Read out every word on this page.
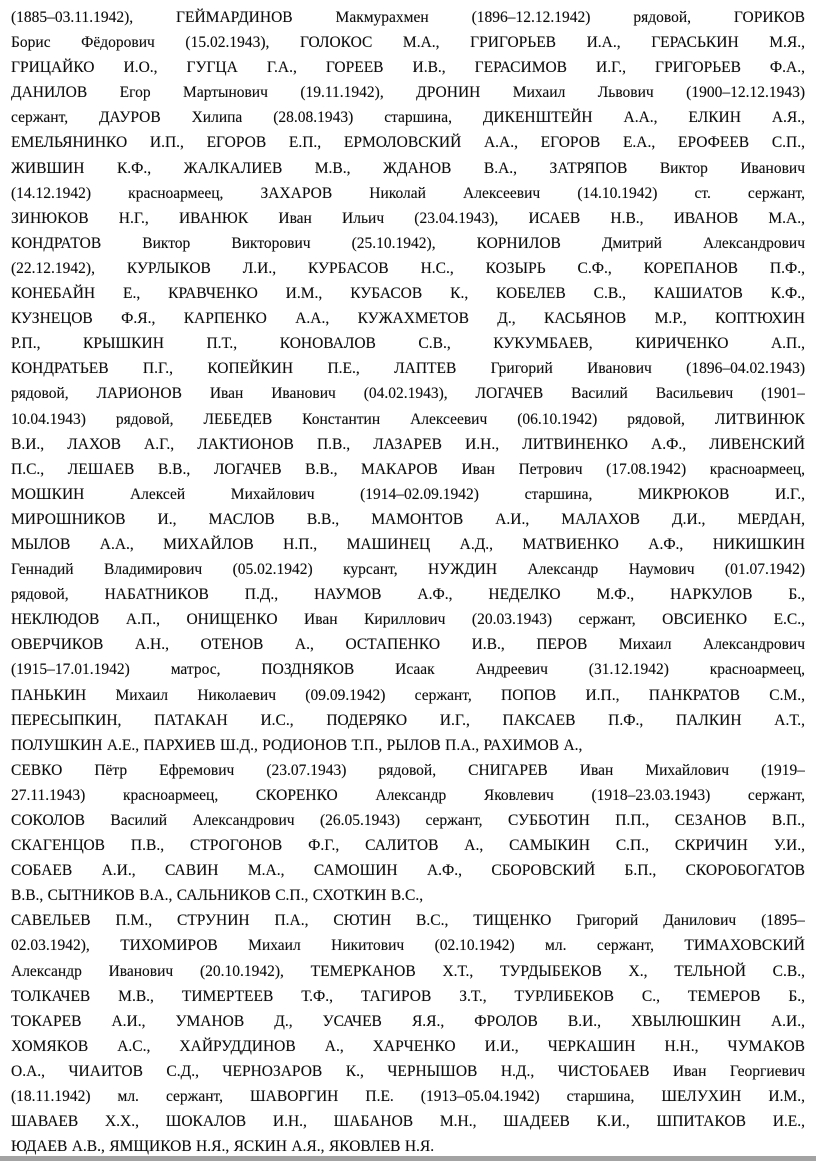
(1885–03.11.1942), ГЕЙМАРДИНОВ Макмурахмен (1896–12.12.1942) рядовой, ГОРИКОВ
Борис Фёдорович (15.02.1943), ГОЛОКОС М.А., ГРИГОРЬЕВ И.А., ГЕРАСЬКИН М.Я.,
ГРИЦАЙКО И.О., ГУГЦА Г.А., ГОРЕЕВ И.В., ГЕРАСИМОВ И.Г., ГРИГОРЬЕВ Ф.А.,
ДАНИЛОВ Егор Мартынович (19.11.1942), ДРОНИН Михаил Львович (1900–12.12.1943)
сержант, ДАУРОВ Хилипа (28.08.1943) старшина, ДИКЕНШТЕЙН А.А., ЕЛКИН А.Я.,
ЕМЕЛЬЯНИНКО И.П., ЕГОРОВ Е.П., ЕРМОЛОВСКИЙ А.А., ЕГОРОВ Е.А., ЕРОФЕЕВ С.П.,
ЖИВШИН К.Ф., ЖАЛКАЛИЕВ М.В., ЖДАНОВ В.А., ЗАТРЯПОВ Виктор Иванович
(14.12.1942) красноармеец, ЗАХАРОВ Николай Алексеевич (14.10.1942) ст. сержант,
ЗИНЮКОВ Н.Г., ИВАНЮК Иван Ильич (23.04.1943), ИСАЕВ Н.В., ИВАНОВ М.А.,
КОНДРАТОВ Виктор Викторович (25.10.1942), КОРНИЛОВ Дмитрий Александрович
(22.12.1942), КУРЛЫКОВ Л.И., КУРБАСОВ Н.С., КОЗЫРЬ С.Ф., КОРЕПАНОВ П.Ф.,
КОНЕБАЙН Е., КРАВЧЕНКО И.М., КУБАСОВ К., КОБЕЛЕВ С.В., КАШИАТОВ К.Ф.,
КУЗНЕЦОВ Ф.Я., КАРПЕНКО А.А., КУЖАХМЕТОВ Д., КАСЬЯНОВ М.Р., КОПТЮХИН
Р.П., КРЫШКИН П.Т., КОНОВАЛОВ С.В., КУКУМБАЕВ, КИРИЧЕНКО А.П.,
КОНДРАТЬЕВ П.Г., КОПЕЙКИН П.Е., ЛАПТЕВ Григорий Иванович (1896–04.02.1943)
рядовой, ЛАРИОНОВ Иван Иванович (04.02.1943), ЛОГАЧЕВ Василий Васильевич (1901–
10.04.1943) рядовой, ЛЕБЕДЕВ Константин Алексеевич (06.10.1942) рядовой, ЛИТВИНЮК
В.И., ЛАХОВ А.Г., ЛАКТИОНОВ П.В., ЛАЗАРЕВ И.Н., ЛИТВИНЕНКО А.Ф., ЛИВЕНСКИЙ
П.С., ЛЕШАЕВ В.В., ЛОГАЧЕВ В.В., МАКАРОВ Иван Петрович (17.08.1942) красноармеец,
МОШКИН Алексей Михайлович (1914–02.09.1942) старшина, МИКРЮКОВ И.Г.,
МИРОШНИКОВ И., МАСЛОВ В.В., МАМОНТОВ А.И., МАЛАХОВ Д.И., МЕРДАН,
МЫЛОВ А.А., МИХАЙЛОВ Н.П., МАШИНЕЦ А.Д., МАТВИЕНКО А.Ф., НИКИШКИН
Геннадий Владимирович (05.02.1942) курсант, НУЖДИН Александр Наумович (01.07.1942)
рядовой, НАБАТНИКОВ П.Д., НАУМОВ А.Ф., НЕДЕЛКО М.Ф., НАРКУЛОВ Б.,
НЕКЛЮДОВ А.П., ОНИЩЕНКО Иван Кириллович (20.03.1943) сержант, ОВСИЕНКО Е.С.,
ОВЕРЧИКОВ А.Н., ОТЕНОВ А., ОСТАПЕНКО И.В., ПЕРОВ Михаил Александрович
(1915–17.01.1942) матрос, ПОЗДНЯКОВ Исаак Андреевич (31.12.1942) красноармеец,
ПАНЬКИН Михаил Николаевич (09.09.1942) сержант, ПОПОВ И.П., ПАНКРАТОВ С.М.,
ПЕРЕСЫПКИН, ПАТАКАН И.С., ПОДЕРЯКО И.Г., ПАКСАЕВ П.Ф., ПАЛКИН А.Т.,
ПОЛУШКИН А.Е., ПАРХИЕВ Ш.Д., РОДИОНОВ Т.П., РЫЛОВ П.А., РАХИМОВ А.,
СЕВКО Пётр Ефремович (23.07.1943) рядовой, СНИГАРЕВ Иван Михайлович (1919–
27.11.1943) красноармеец, СКОРЕНКО Александр Яковлевич (1918–23.03.1943) сержант,
СОКОЛОВ Василий Александрович (26.05.1943) сержант, СУББОТИН П.П., СЕЗАНОВ В.П.,
СКАГЕНЦОВ П.В., СТРОГОНОВ Ф.Г., САЛИТОВ А., САМЫКИН С.П., СКРИЧИН У.И.,
СОБАЕВ А.И., САВИН М.А., САМОШИН А.Ф., СБОРОВСКИЙ Б.П., СКОРОБОГАТОВ
В.В., СЫТНИКОВ В.А., САЛЬНИКОВ С.П., СХОТКИН В.С.,
САВЕЛЬЕВ П.М., СТРУНИН П.А., СЮТИН В.С., ТИЩЕНКО Григорий Данилович (1895–
02.03.1942), ТИХОМИРОВ Михаил Никитович (02.10.1942) мл. сержант, ТИМАХОВСКИЙ
Александр Иванович (20.10.1942), ТЕМЕРКАНОВ Х.Т., ТУРДЫБЕКОВ Х., ТЕЛЬНОЙ С.В.,
ТОЛКАЧЕВ М.В., ТИМЕРТЕЕВ Т.Ф., ТАГИРОВ З.Т., ТУРЛИБЕКОВ С., ТЕМЕРОВ Б.,
ТОКАРЕВ А.И., УМАНОВ Д., УСАЧЕВ Я.Я., ФРОЛОВ В.И., ХВЫЛЮШКИН А.И.,
ХОМЯКОВ А.С., ХАЙРУДДИНОВ А., ХАРЧЕНКО И.И., ЧЕРКАШИН Н.Н., ЧУМАКОВ
О.А., ЧИАИТОВ С.Д., ЧЕРНОЗАРОВ К., ЧЕРНЫШОВ Н.Д., ЧИСТОБАЕВ Иван Георгиевич
(18.11.1942) мл. сержант, ШАВОРГИН П.Е. (1913–05.04.1942) старшина, ШЕЛУХИН И.М.,
ШАВАЕВ Х.Х., ШОКАЛОВ И.Н., ШАБАНОВ М.Н., ШАДЕЕВ К.И., ШПИТАКОВ И.Е.,
ЮДАЕВ А.В., ЯМЩИКОВ Н.Я., ЯСКИН А.Я., ЯКОВЛЕВ Н.Я.
